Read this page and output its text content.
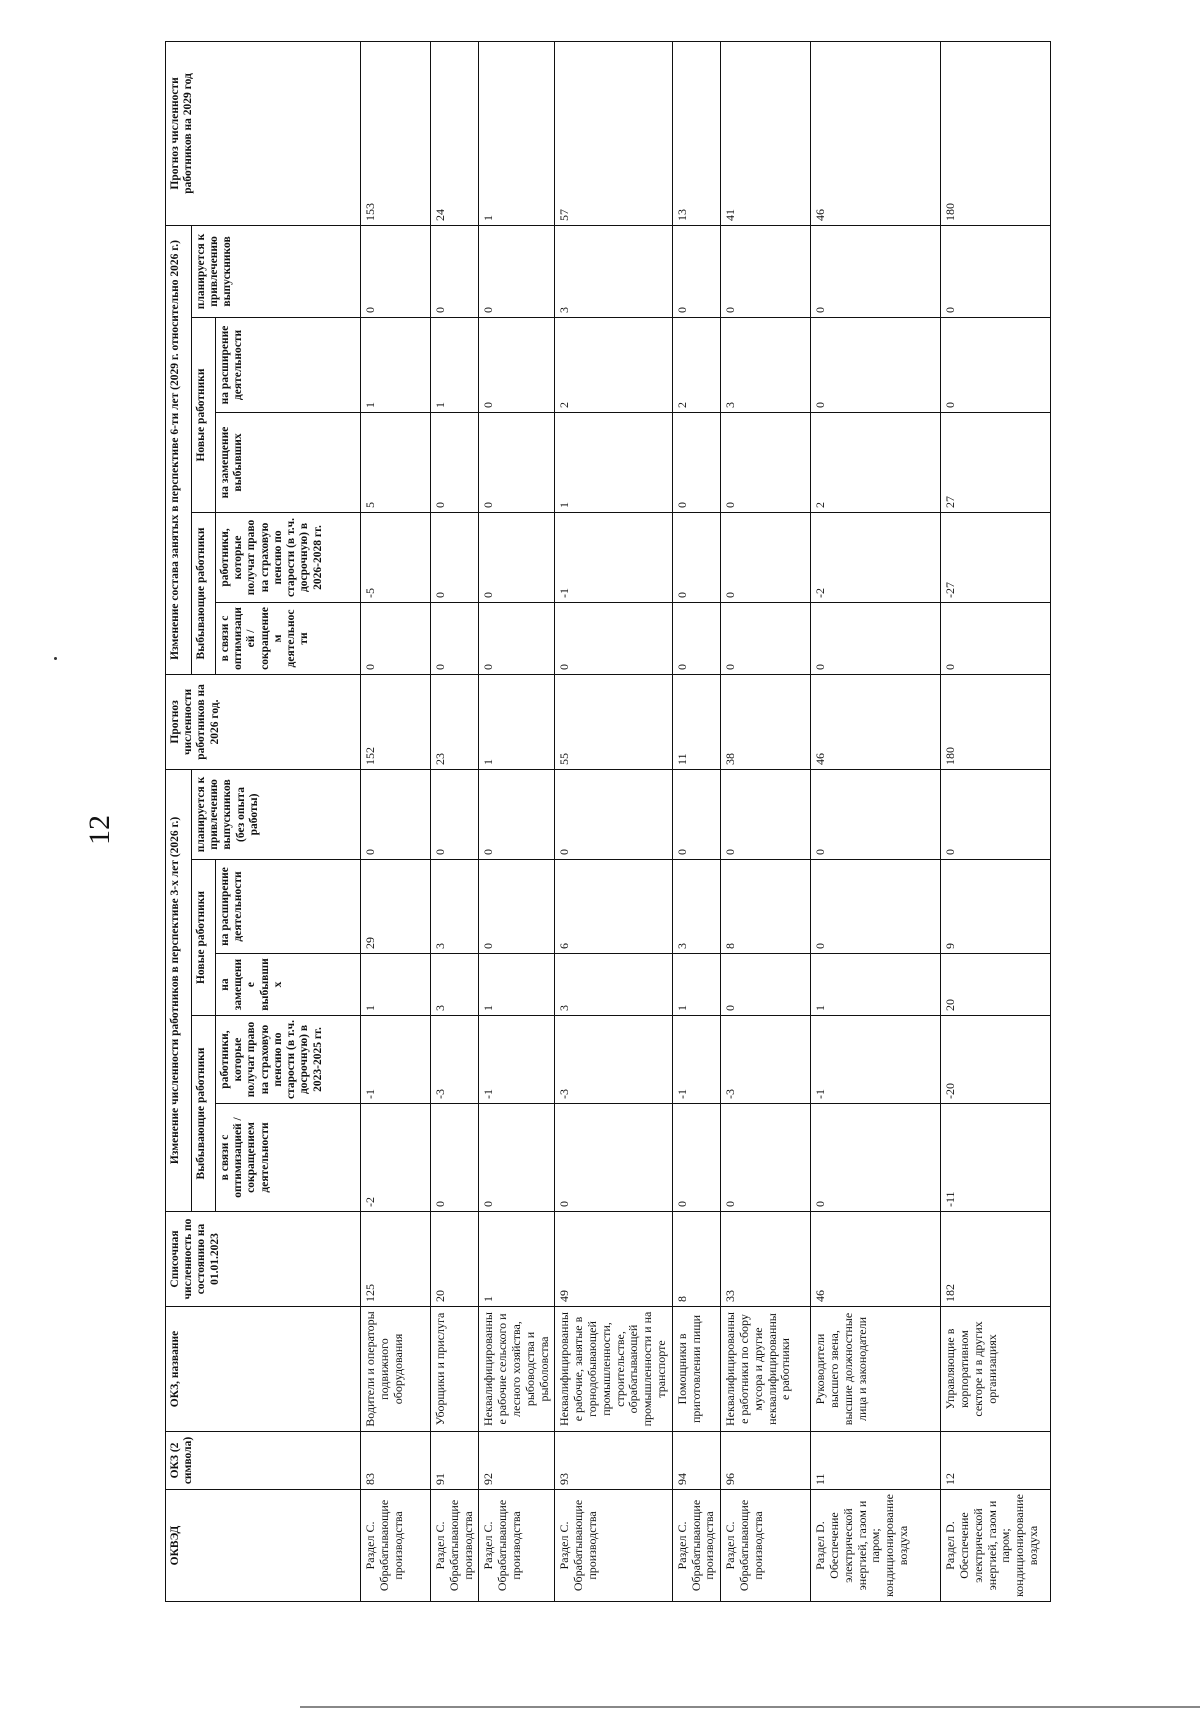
12
ОКВЭД	ОКЗ (2 символа)	ОКЗ, название	Списочная численность по состоянию на 01.01.2023	Изменение численности работников в перспективе 3-х лет (2026 г.)					Прогноз численности работников на 2026 год.	Изменение состава занятых в перспективе 6-ти лет (2029 г. относительно 2026 г.)					Прогноз численности работников на 2029 год
				Выбывающие работники		Новые работники		планируется к привлечению выпускников (без опыта работы)		Выбывающие работники		Новые работники		планируется к привлечению выпускников	
				в связи с оптимизацией / сокращением деятельности	работники, которые получат право на страховую пенсию по старости (в т.ч. досрочную) в 2023-2025 гг.	на замещение выбывших	на расширение деятельности			в связи с оптимизацией / сокращением деятельности	работники, которые получат право на страховую пенсию по старости (в т.ч. досрочную) в 2026-2028 гг.	на замещение выбывших	на расширение деятельности		
Раздел С. Обрабатывающие производства	83	Водители и операторы подвижного оборудования	125	-2	-1	1	29	0	152	0	-5	5	1	0	153
Раздел С. Обрабатывающие производства	91	Уборщики и прислуга	20	0	-3	3	3	0	23	0	0	0	1	0	24
Раздел С. Обрабатывающие производства	92	Неквалифицированные рабочие сельского и лесного хозяйства, рыбоводства и рыболовства	1	0	-1	1	0	0	1	0	0	0	0	0	1
Раздел С. Обрабатывающие производства	93	Неквалифицированные рабочие, занятые в горнодобывающей промышленности, строительстве, обрабатывающей промышленности и на транспорте	49	0	-3	3	6	0	55	0	-1	1	2	3	57
Раздел С. Обрабатывающие производства	94	Помощники в приготовлении пищи	8	0	-1	1	3	0	11	0	0	0	2	0	13
Раздел С. Обрабатывающие производства	96	Неквалифицированные работники по сбору мусора и другие неквалифицированные работники	33	0	-3	0	8	0	38	0	0	0	3	0	41
Раздел D. Обеспечение электрической энергией, газом и паром; кондиционирование воздуха	11	Руководители высшего звена, высшие должностные лица и законодатели	46	0	-1	1	0	0	46	0	-2	2	0	0	46
Раздел D. Обеспечение электрической энергией, газом и паром; кондиционирование воздуха	12	Управляющие в корпоративном секторе и в других организациях	182	-11	-20	20	9	0	180	0	-27	27	0	0	180
